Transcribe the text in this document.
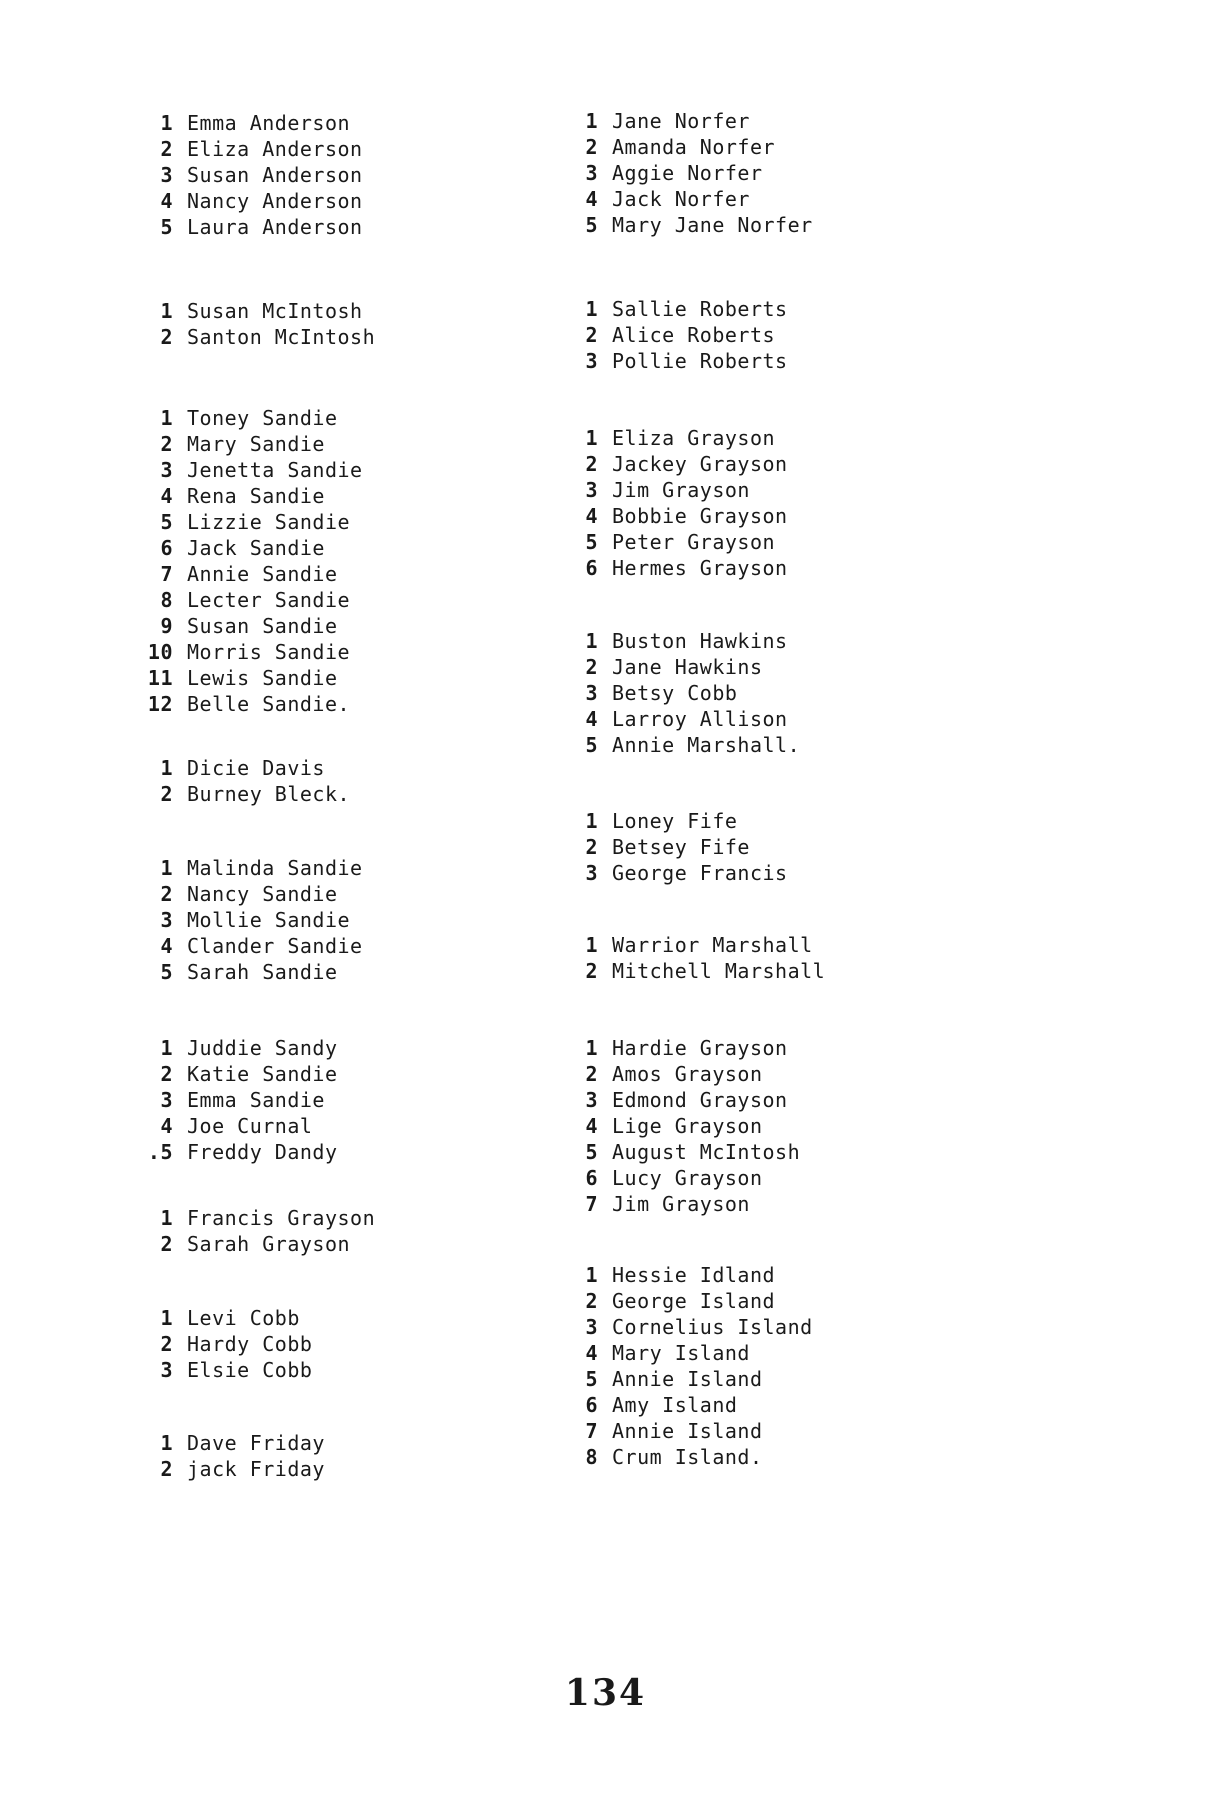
1 Emma Anderson
2 Eliza Anderson
3 Susan Anderson
4 Nancy Anderson
5 Laura Anderson
1 Susan McIntosh
2 Santon McIntosh
1 Toney Sandie
2 Mary Sandie
3 Jenetta Sandie
4 Rena Sandie
5 Lizzie Sandie
6 Jack Sandie
7 Annie Sandie
8 Lecter Sandie
9 Susan Sandie
10 Morris Sandie
11 Lewis Sandie
12 Belle Sandie.
1 Dicie Davis
2 Burney Bleck.
1 Malinda Sandie
2 Nancy Sandie
3 Mollie Sandie
4 Clander Sandie
5 Sarah Sandie
1 Juddie Sandy
2 Katie Sandie
3 Emma Sandie
4 Joe Curnal
.5 Freddy Dandy
1 Francis Grayson
2 Sarah Grayson
1 Levi Cobb
2 Hardy Cobb
3 Elsie Cobb
1 Dave Friday
2 jack Friday
1 Jane Norfer
2 Amanda Norfer
3 Aggie Norfer
4 Jack Norfer
5 Mary Jane Norfer
1 Sallie Roberts
2 Alice Roberts
3 Pollie Roberts
1 Eliza Grayson
2 Jackey Grayson
3 Jim Grayson
4 Bobbie Grayson
5 Peter Grayson
6 Hermes Grayson
1 Buston Hawkins
2 Jane Hawkins
3 Betsy Cobb
4 Larroy Allison
5 Annie Marshall.
1 Loney Fife
2 Betsey Fife
3 George Francis
1 Warrior Marshall
2 Mitchell Marshall
1 Hardie Grayson
2 Amos Grayson
3 Edmond Grayson
4 Lige Grayson
5 August McIntosh
6 Lucy Grayson
7 Jim Grayson
1 Hessie Idland
2 George Island
3 Cornelius Island
4 Mary Island
5 Annie Island
6 Amy Island
7 Annie Island
8 Crum Island.
134
